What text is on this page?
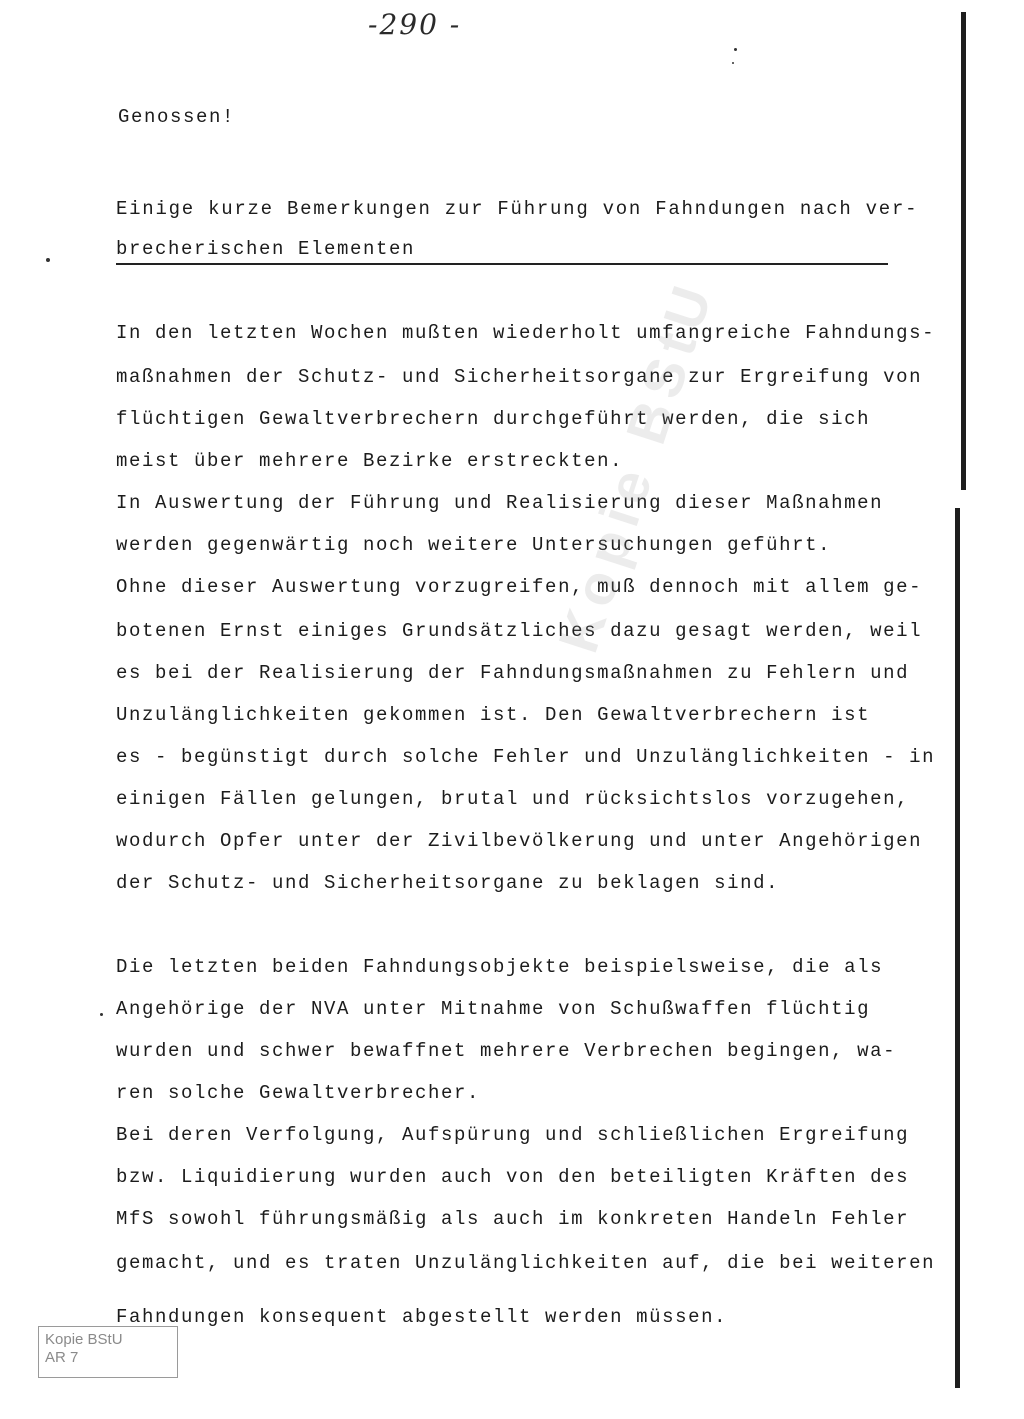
-290 -
Genossen!
Einige kurze Bemerkungen zur Führung von Fahndungen nach ver-
brecherischen Elementen
In den letzten Wochen mußten wiederholt umfangreiche Fahndungs-
maßnahmen der Schutz- und Sicherheitsorgane zur Ergreifung von
flüchtigen Gewaltverbrechern durchgeführt werden, die sich
meist über mehrere Bezirke erstreckten.
In Auswertung der Führung und Realisierung dieser Maßnahmen
werden gegenwärtig noch weitere Untersuchungen geführt.
Ohne dieser Auswertung vorzugreifen, muß dennoch mit allem ge-
botenen Ernst einiges Grundsätzliches dazu gesagt werden, weil
es bei der Realisierung der Fahndungsmaßnahmen zu Fehlern und
Unzulänglichkeiten gekommen ist. Den Gewaltverbrechern ist
es - begünstigt durch solche Fehler und Unzulänglichkeiten - in
einigen Fällen gelungen, brutal und rücksichtslos vorzugehen,
wodurch Opfer unter der Zivilbevölkerung und unter Angehörigen
der Schutz- und Sicherheitsorgane zu beklagen sind.
Die letzten beiden Fahndungsobjekte beispielsweise, die als
Angehörige der NVA unter Mitnahme von Schußwaffen flüchtig
wurden und schwer bewaffnet mehrere Verbrechen begingen, wa-
ren solche Gewaltverbrecher.
Bei deren Verfolgung, Aufspürung und schließlichen Ergreifung
bzw. Liquidierung wurden auch von den beteiligten Kräften des
MfS sowohl führungsmäßig als auch im konkreten Handeln Fehler
gemacht, und es traten Unzulänglichkeiten auf, die bei weiteren
Fahndungen konsequent abgestellt werden müssen.
Kopie BStU
Kopie BStU
AR 7
